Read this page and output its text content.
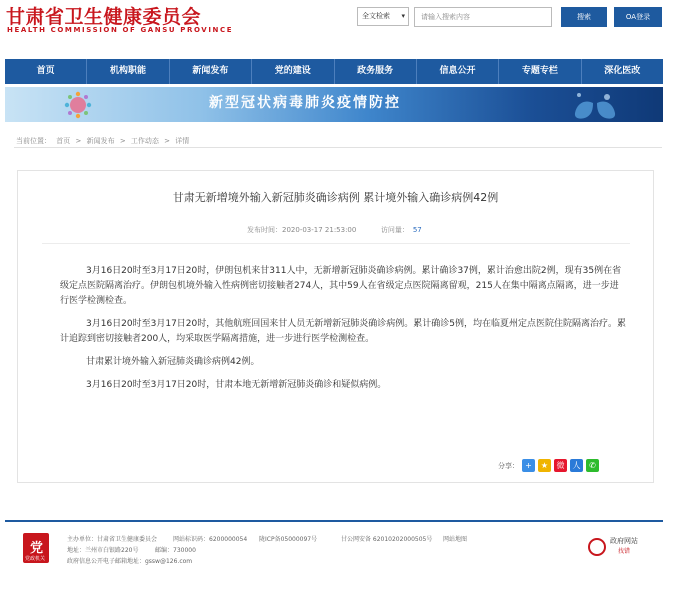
甘肃省卫生健康委员会
HEALTH COMMISSION OF GANSU PROVINCE
全文检索 ▾	请输入搜索内容	搜索	OA登录
首页	机构职能	新闻发布	党的建设	政务服务	信息公开	专题专栏	深化医改
新型冠状病毒肺炎疫情防控
当前位置： 首页 > 新闻发布 > 工作动态 > 详情
甘肃无新增境外输入新冠肺炎确诊病例 累计境外输入确诊病例42例
发布时间：2020-03-17 21:53:00	访问量： 57

3月16日20时至3月17日20时，伊朗包机来甘311人中，无新增新冠肺炎确诊病例。累计确诊37例，累计治愈出院2例，现有35例在省级定点医院隔离治疗。伊朗包机境外输入性病例密切接触者274人，其中59人在省级定点医院隔离留观，215人在集中隔离点隔离，进一步进行医学检测检查。

3月16日20时至3月17日20时，其他航班回国来甘人员无新增新冠肺炎确诊病例。累计确诊5例，均在临夏州定点医院住院隔离治疗。累计追踪到密切接触者200人，均采取医学隔离措施，进一步进行医学检测检查。

甘肃累计境外输入新冠肺炎确诊病例42例。

3月16日20时至3月17日20时，甘肃本地无新增新冠肺炎确诊和疑似病例。

分享： +	★	微	人	✆
党
党政机关
主办单位：甘肃省卫生健康委员会	网站标识码：6200000054 陇ICP备05000097号	甘公网安备 62010202000505号 网站地图
地址：兰州市白银路220号	邮编：730000
政府信息公开电子邮箱地址：gssw@126.com
政府网站
找错
